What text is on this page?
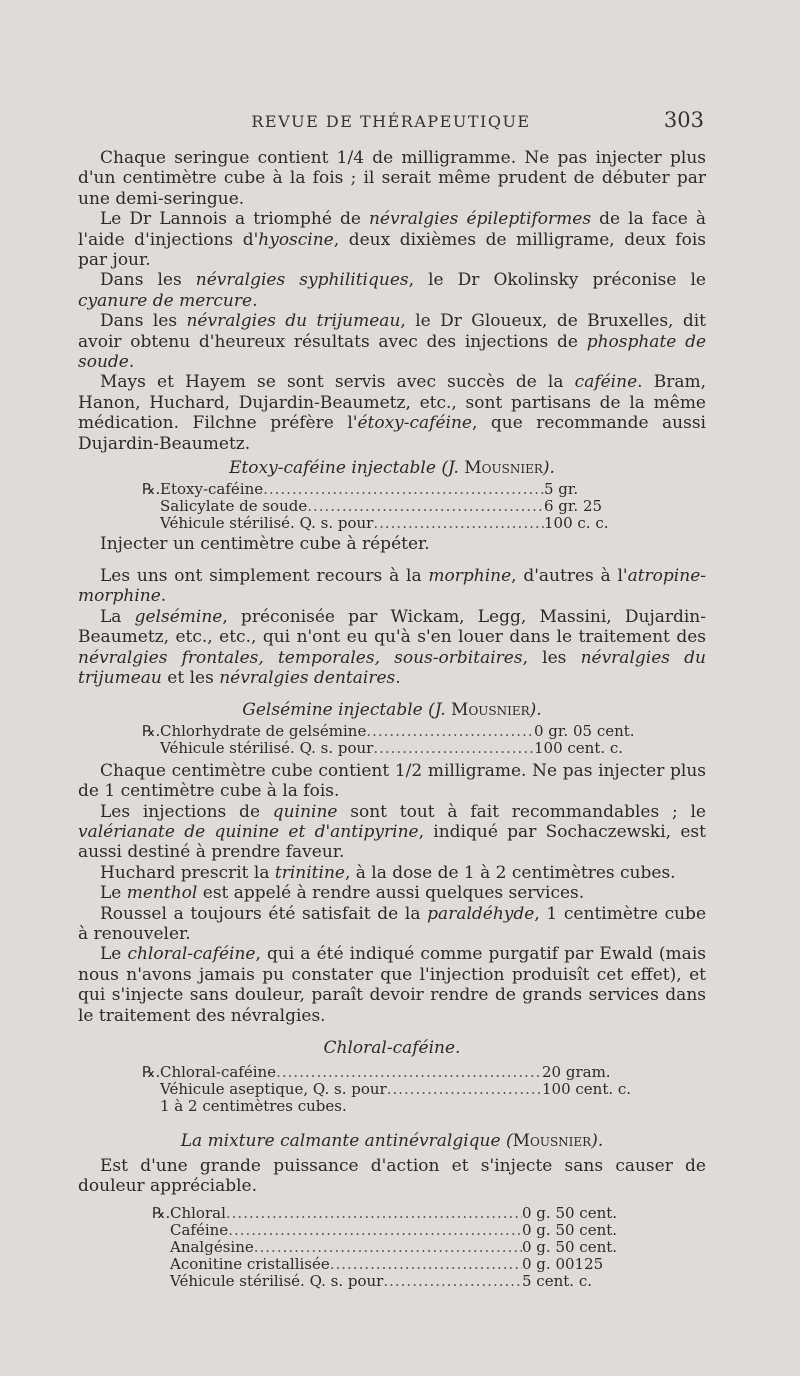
REVUE DE THÉRAPEUTIQUE	303

Chaque seringue contient 1/4 de milligramme. Ne pas injecter plus d'un centimètre cube à la fois ; il serait même prudent de débuter par une demi-seringue.

Le Dr Lannois a triomphé de névralgies épileptiformes de la face à l'aide d'injections d'hyoscine, deux dixièmes de milligrame, deux fois par jour.

Dans les névralgies syphilitiques, le Dr Okolinsky préconise le cyanure de mercure.

Dans les névralgies du trijumeau, le Dr Gloueux, de Bruxelles, dit avoir obtenu d'heureux résultats avec des injections de phosphate de soude.

Mays et Hayem se sont servis avec succès de la caféine. Bram, Hanon, Huchard, Dujardin-Beaumetz, etc., sont partisans de la même médication. Filchne préfère l'étoxy-caféine, que recommande aussi Dujardin-Beaumetz.

Etoxy-caféine injectable (J. Mousnier).

℞. Etoxy-caféine .....	5 gr.
Salicylate de soude .....	6 gr. 25
Véhicule stérilisé. Q. s. pour .....	100 c. c.

Injecter un centimètre cube à répéter.

Les uns ont simplement recours à la morphine, d'autres à l'atropine-morphine.

La gelsémine, préconisée par Wickam, Legg, Massini, Dujardin-Beaumetz, etc., etc., qui n'ont eu qu'à s'en louer dans le traitement des névralgies frontales, temporales, sous-orbitaires, les névralgies du trijumeau et les névralgies dentaires.

Gelsémine injectable (J. Mousnier).

℞. Chlorhydrate de gelsémine .....	0 gr. 05 cent.
Véhicule stérilisé. Q. s. pour .....	100 cent. c.

Chaque centimètre cube contient 1/2 milligrame. Ne pas injecter plus de 1 centimètre cube à la fois.

Les injections de quinine sont tout à fait recommandables ; le valérianate de quinine et d'antipyrine, indiqué par Sochaczewski, est aussi destiné à prendre faveur.

Huchard prescrit la trinitine, à la dose de 1 à 2 centimètres cubes.

Le menthol est appelé à rendre aussi quelques services.

Roussel a toujours été satisfait de la paraldéhyde, 1 centimètre cube à renouveler.

Le chloral-caféine, qui a été indiqué comme purgatif par Ewald (mais nous n'avons jamais pu constater que l'injection produisît cet effet), et qui s'injecte sans douleur, paraît devoir rendre de grands services dans le traitement des névralgies.

Chloral-caféine.

℞. Chloral-caféine .....	20 gram.
Véhicule aseptique, Q. s. pour .....	100 cent. c.
1 à 2 centimètres cubes.

La mixture calmante antinévralgique (Mousnier).

Est d'une grande puissance d'action et s'injecte sans causer de douleur appréciable.

℞. Chloral .....	0 g. 50 cent.
Caféine .....	0 g. 50 cent.
Analgésine .....	0 g. 50 cent.
Aconitine cristallisée .....	0 g. 00125
Véhicule stérilisé. Q. s. pour .....	5 cent. c.
